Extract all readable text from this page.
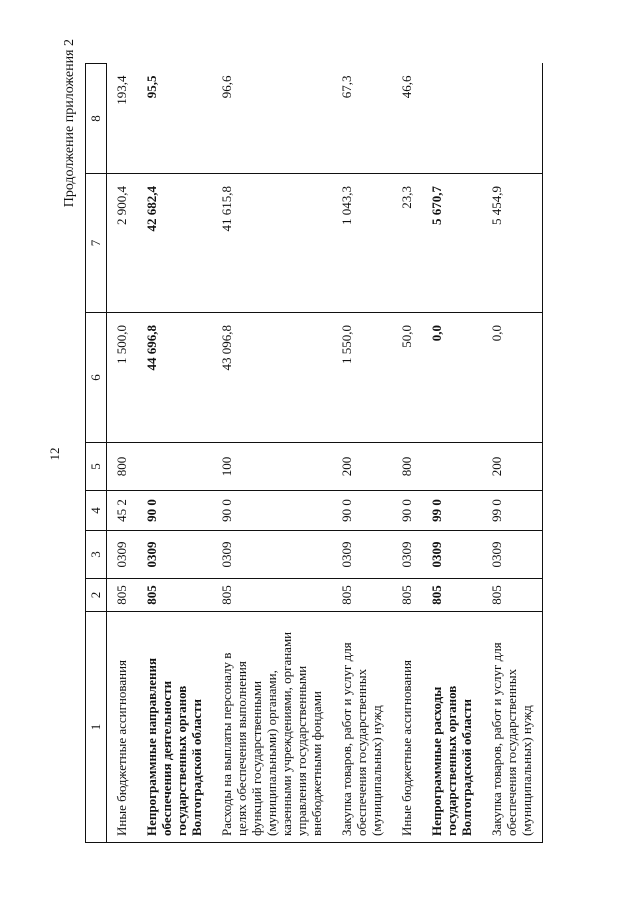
12
Продолжение приложения 2
1	2	3	4	5	6	7	8
Иные бюджетные ассигнования	805	0309	45 2	800	1 500,0	2 900,4	193,4
Непрограммные направления обеспечения деятельности государственных органов Волгоградской области	805	0309	90 0		44 696,8	42 682,4	95,5
Расходы на выплаты персоналу в целях обеспечения выполнения функций государственными (муниципальными) органами, казенными учреждениями, органами управления государственными внебюджетными фондами	805	0309	90 0	100	43 096,8	41 615,8	96,6
Закупка товаров, работ и услуг для обеспечения государственных (муниципальных) нужд	805	0309	90 0	200	1 550,0	1 043,3	67,3
Иные бюджетные ассигнования	805	0309	90 0	800	50,0	23,3	46,6
Непрограммные расходы государственных органов Волгоградской области	805	0309	99 0		0,0	5 670,7	
Закупка товаров, работ и услуг для обеспечения государственных (муниципальных) нужд	805	0309	99 0	200	0,0	5 454,9	
